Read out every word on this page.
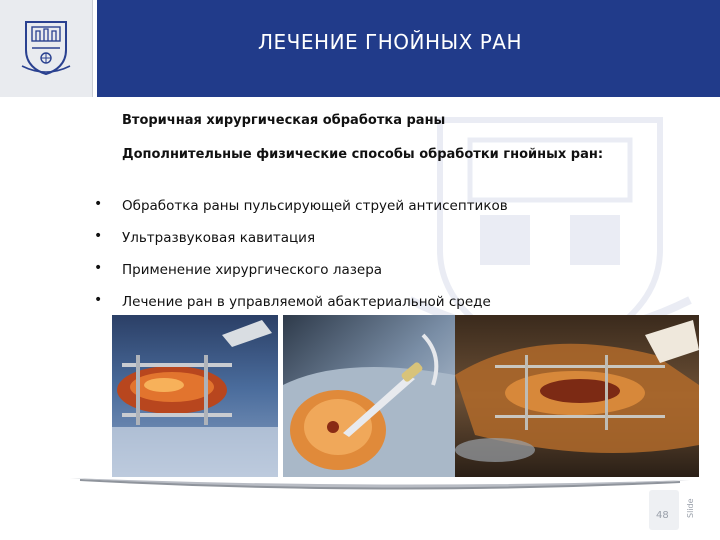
ЛЕЧЕНИЕ ГНОЙНЫХ РАН
Вторичная хирургическая обработка раны
Дополнительные физические способы обработки гнойных ран:
• Обработка раны пульсирующей струей антисептиков
• Ультразвуковая кавитация
• Применение хирургического лазера
• Лечение ран в управляемой абактериальной среде
48 Slide
